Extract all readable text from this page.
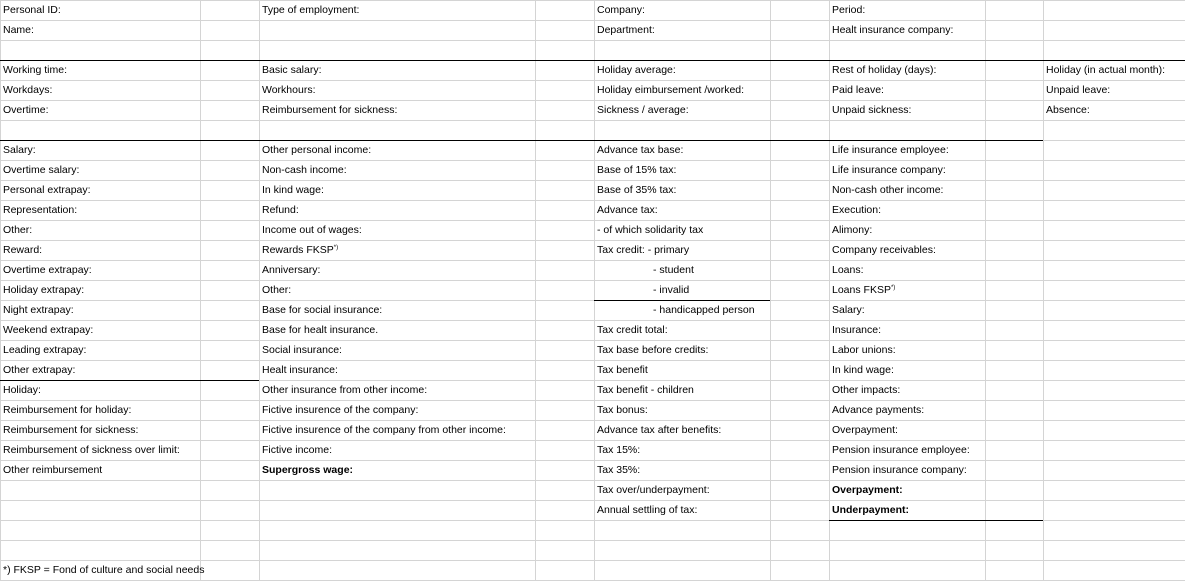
Personal ID:
Name:
Type of employment:	Company:
Department:
Period:
Healt insurance company:
Working time:
Workdays:
Overtime:
Basic salary:
Workhours:
Reimbursement for sickness:
Holiday average:
Holiday eimbursement /worked:
Sickness / average:
Rest of holiday (days):
Paid leave:
Unpaid sickness:
Holiday (in actual month):
Unpaid leave:
Absence:
Salary:
Overtime salary:
Personal extrapay:
Representation:
Other:
Reward:
Overtime extrapay:
Holiday extrapay:
Night extrapay:
Weekend extrapay:
Leading extrapay:
Other extrapay:
Holiday:
Reimbursement for holiday:
Reimbursement for sickness:
Reimbursement of sickness over limit:
Other reimbursement
Other personal income:
Non-cash income:
In kind wage:
Refund:
Income out of wages:
Rewards FKSP*)
Anniversary:
Other:
Base for social insurance:
Base for healt insurance.
Social insurance:
Healt insurance:
Other insurance from other income:
Fictive insurence of the company:
Fictive insurence of the company from other income:
Fictive income:
Supergross wage:
Advance tax base:
Base of 15% tax:
Base of 35% tax:
Advance tax:
- of which solidarity tax
Tax credit: - primary
- student
- invalid
- handicapped person
Tax credit total:
Tax base before credits:
Tax benefit
Tax benefit - children
Tax bonus:
Advance tax after benefits:
Tax 15%:
Tax 35%:
Tax over/underpayment:
Annual settling of tax:
Life insurance employee:
Life insurance company:
Non-cash other income:
Execution:
Alimony:
Company receivables:
Loans:
Loans FKSP*)
Salary:
Insurance:
Labor unions:
In kind wage:
Other impacts:
Advance payments:
Overpayment:
Pension insurance employee:
Pension insurance company:
Overpayment:
Underpayment:
*) FKSP = Fond of culture and social needs
